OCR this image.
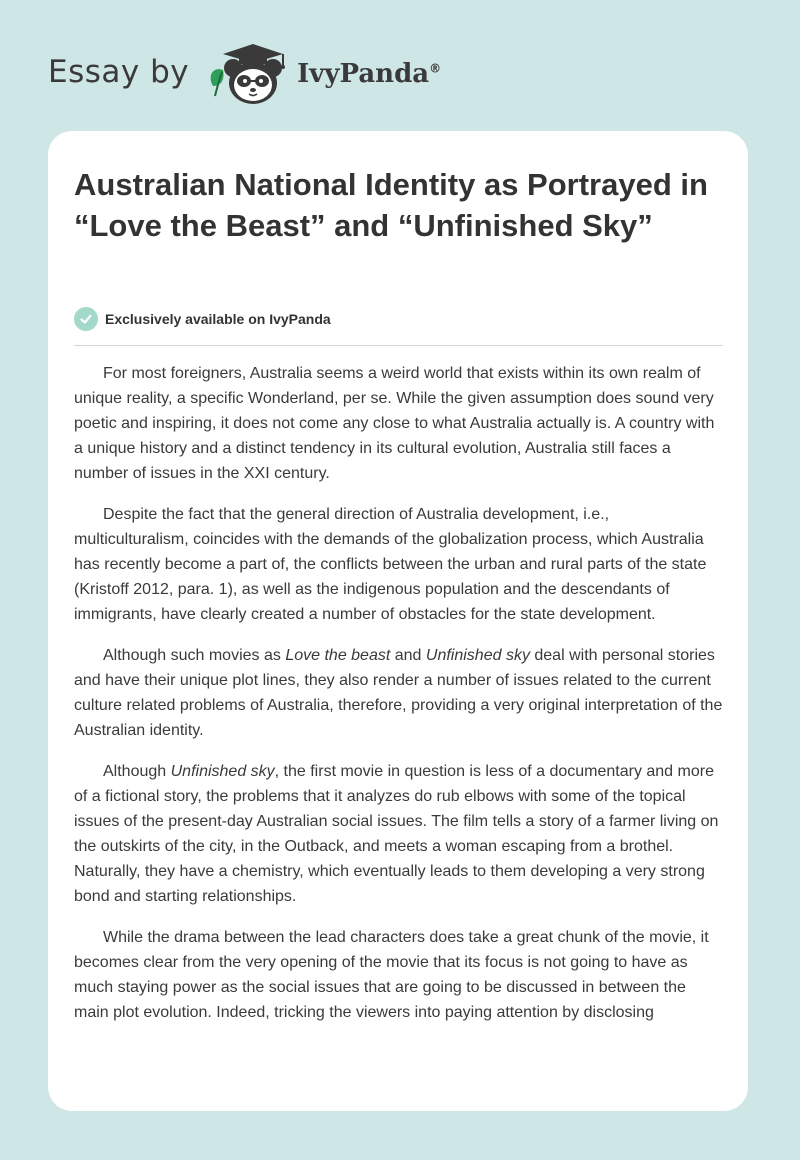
Essay by	IvyPanda®
Australian National Identity as Portrayed in “Love the Beast” and “Unfinished Sky”
Exclusively available on IvyPanda

For most foreigners, Australia seems a weird world that exists within its own realm of unique reality, a specific Wonderland, per se. While the given assumption does sound very poetic and inspiring, it does not come any close to what Australia actually is. A country with a unique history and a distinct tendency in its cultural evolution, Australia still faces a number of issues in the XXI century.

Despite the fact that the general direction of Australia development, i.e., multiculturalism, coincides with the demands of the globalization process, which Australia has recently become a part of, the conflicts between the urban and rural parts of the state (Kristoff 2012, para. 1), as well as the indigenous population and the descendants of immigrants, have clearly created a number of obstacles for the state development.

Although such movies as Love the beast and Unfinished sky deal with personal stories and have their unique plot lines, they also render a number of issues related to the current culture related problems of Australia, therefore, providing a very original interpretation of the Australian identity.

Although Unfinished sky, the first movie in question is less of a documentary and more of a fictional story, the problems that it analyzes do rub elbows with some of the topical issues of the present-day Australian social issues. The film tells a story of a farmer living on the outskirts of the city, in the Outback, and meets a woman escaping from a brothel. Naturally, they have a chemistry, which eventually leads to them developing a very strong bond and starting relationships.

While the drama between the lead characters does take a great chunk of the movie, it becomes clear from the very opening of the movie that its focus is not going to have as much staying power as the social issues that are going to be discussed in between the main plot evolution. Indeed, tricking the viewers into paying attention by disclosing
